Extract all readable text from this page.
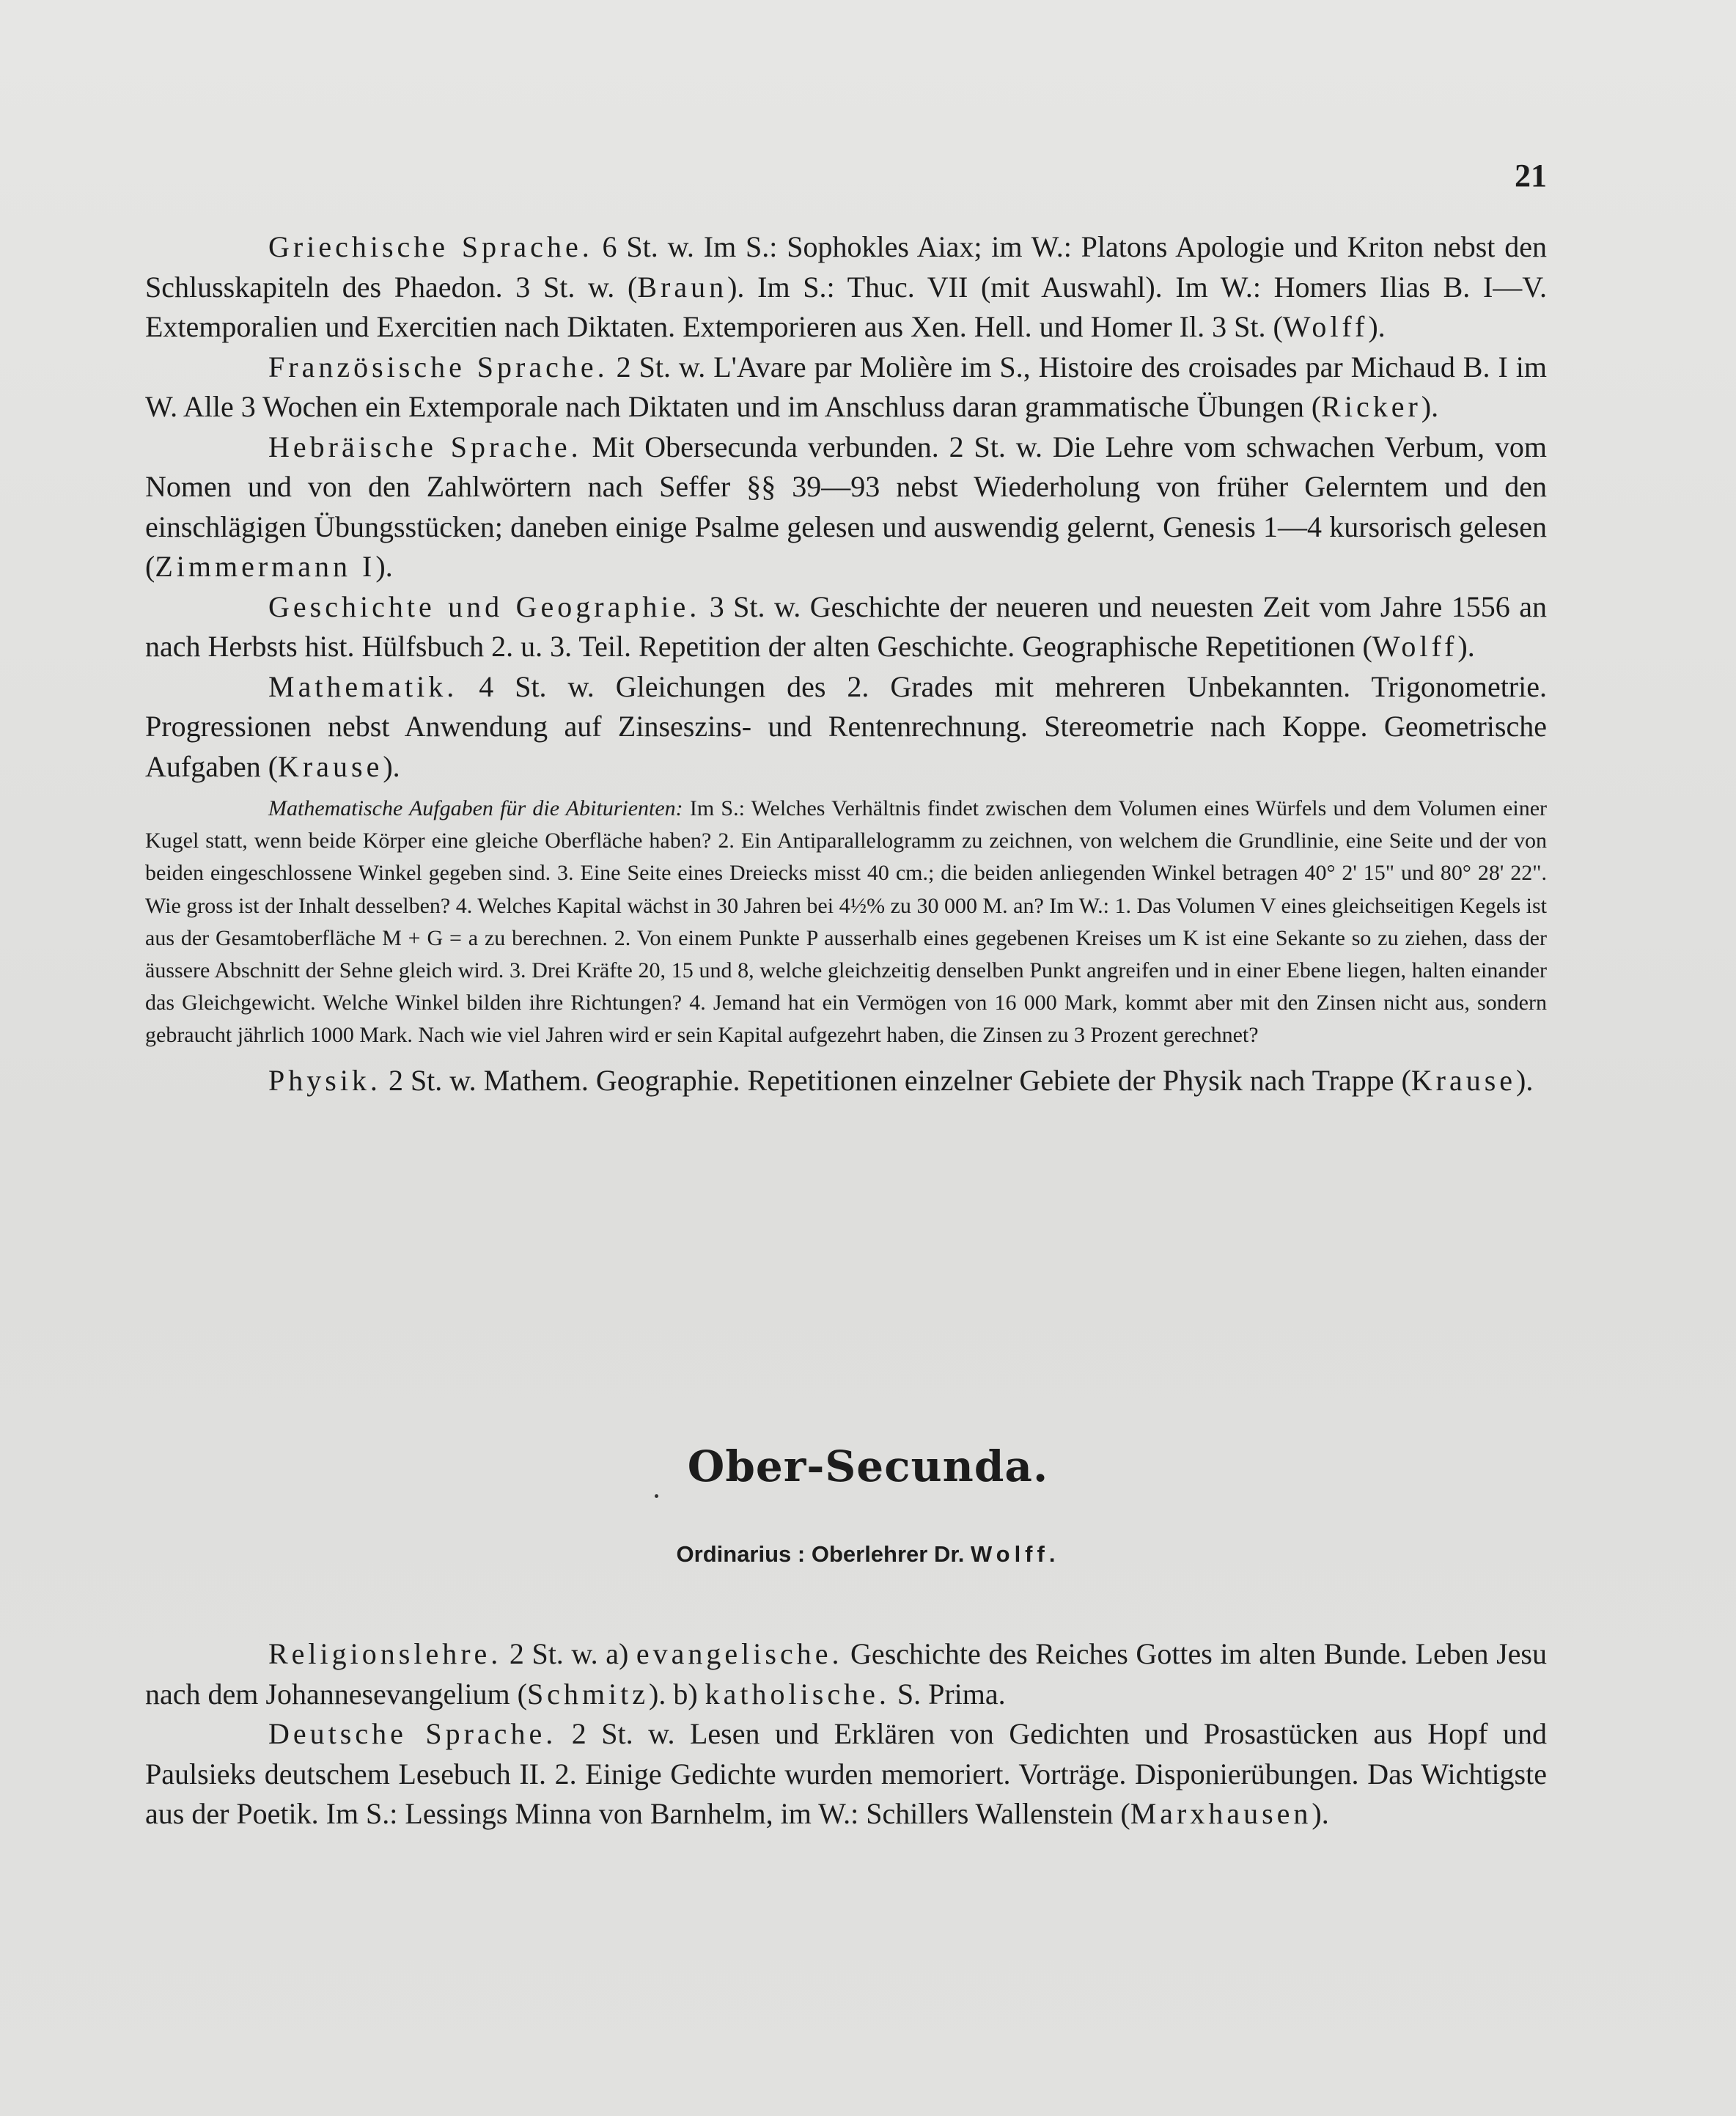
21

Griechische Sprache. 6 St. w. Im S.: Sophokles Aiax; im W.: Platons Apologie und Kriton nebst den Schlusskapiteln des Phaedon. 3 St. w. (Braun). Im S.: Thuc. VII (mit Auswahl). Im W.: Homers Ilias B. I—V. Extemporalien und Exercitien nach Diktaten. Extemporieren aus Xen. Hell. und Homer Il. 3 St. (Wolff).

Französische Sprache. 2 St. w. L'Avare par Molière im S., Histoire des croisades par Michaud B. I im W. Alle 3 Wochen ein Extemporale nach Diktaten und im Anschluss daran grammatische Übungen (Ricker).

Hebräische Sprache. Mit Obersecunda verbunden. 2 St. w. Die Lehre vom schwachen Verbum, vom Nomen und von den Zahlwörtern nach Seffer §§ 39—93 nebst Wiederholung von früher Gelerntem und den einschlägigen Übungsstücken; daneben einige Psalme gelesen und auswendig gelernt, Genesis 1—4 kursorisch gelesen (Zimmermann I).

Geschichte und Geographie. 3 St. w. Geschichte der neueren und neuesten Zeit vom Jahre 1556 an nach Herbsts hist. Hülfsbuch 2. u. 3. Teil. Repetition der alten Geschichte. Geographische Repetitionen (Wolff).

Mathematik. 4 St. w. Gleichungen des 2. Grades mit mehreren Unbekannten. Trigonometrie. Progressionen nebst Anwendung auf Zinseszins- und Rentenrechnung. Stereometrie nach Koppe. Geometrische Aufgaben (Krause).

Mathematische Aufgaben für die Abiturienten: Im S.: Welches Verhältnis findet zwischen dem Volumen eines Würfels und dem Volumen einer Kugel statt, wenn beide Körper eine gleiche Oberfläche haben? 2. Ein Antiparallelogramm zu zeichnen, von welchem die Grundlinie, eine Seite und der von beiden eingeschlossene Winkel gegeben sind. 3. Eine Seite eines Dreiecks misst 40 cm.; die beiden anliegenden Winkel betragen 40° 2' 15" und 80° 28' 22". Wie gross ist der Inhalt desselben? 4. Welches Kapital wächst in 30 Jahren bei 4½% zu 30 000 M. an? Im W.: 1. Das Volumen V eines gleichseitigen Kegels ist aus der Gesamtoberfläche M + G = a zu berechnen. 2. Von einem Punkte P ausserhalb eines gegebenen Kreises um K ist eine Sekante so zu ziehen, dass der äussere Abschnitt der Sehne gleich wird. 3. Drei Kräfte 20, 15 und 8, welche gleichzeitig denselben Punkt angreifen und in einer Ebene liegen, halten einander das Gleichgewicht. Welche Winkel bilden ihre Richtungen? 4. Jemand hat ein Vermögen von 16 000 Mark, kommt aber mit den Zinsen nicht aus, sondern gebraucht jährlich 1000 Mark. Nach wie viel Jahren wird er sein Kapital aufgezehrt haben, die Zinsen zu 3 Prozent gerechnet?

Physik. 2 St. w. Mathem. Geographie. Repetitionen einzelner Gebiete der Physik nach Trappe (Krause).

Ober-Secunda.
Ordinarius : Oberlehrer Dr. Wolff.

Religionslehre. 2 St. w. a) evangelische. Geschichte des Reiches Gottes im alten Bunde. Leben Jesu nach dem Johannesevangelium (Schmitz). b) katholische. S. Prima.

Deutsche Sprache. 2 St. w. Lesen und Erklären von Gedichten und Prosastücken aus Hopf und Paulsieks deutschem Lesebuch II. 2. Einige Gedichte wurden memoriert. Vorträge. Disponierübungen. Das Wichtigste aus der Poetik. Im S.: Lessings Minna von Barnhelm, im W.: Schillers Wallenstein (Marxhausen).
